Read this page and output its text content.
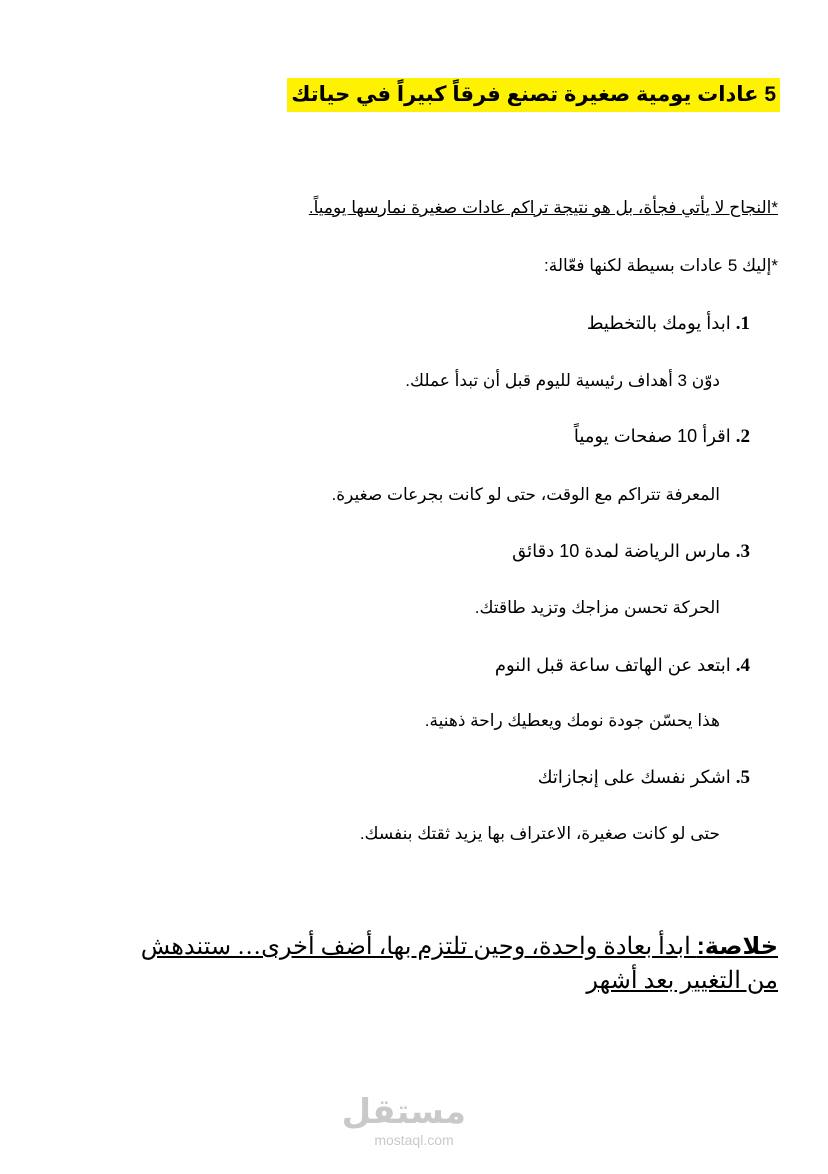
5 عادات يومية صغيرة تصنع فرقاً كبيراً في حياتك
*النجاح لا يأتي فجأة، بل هو نتيجة تراكم عادات صغيرة نمارسها يومياً.
*إليك 5 عادات بسيطة لكنها فعّالة:
1. ابدأ يومك بالتخطيط
دوّن 3 أهداف رئيسية لليوم قبل أن تبدأ عملك.
2. اقرأ 10 صفحات يومياً
المعرفة تتراكم مع الوقت، حتى لو كانت بجرعات صغيرة.
3. مارس الرياضة لمدة 10 دقائق
الحركة تحسن مزاجك وتزيد طاقتك.
4. ابتعد عن الهاتف ساعة قبل النوم
هذا يحسّن جودة نومك ويعطيك راحة ذهنية.
5. اشكر نفسك على إنجازاتك
حتى لو كانت صغيرة، الاعتراف بها يزيد ثقتك بنفسك.
خلاصة: ابدأ بعادة واحدة، وحين تلتزم بها، أضف أخرى… ستندهش من التغيير بعد أشهر
مستقل
mostaql.com
